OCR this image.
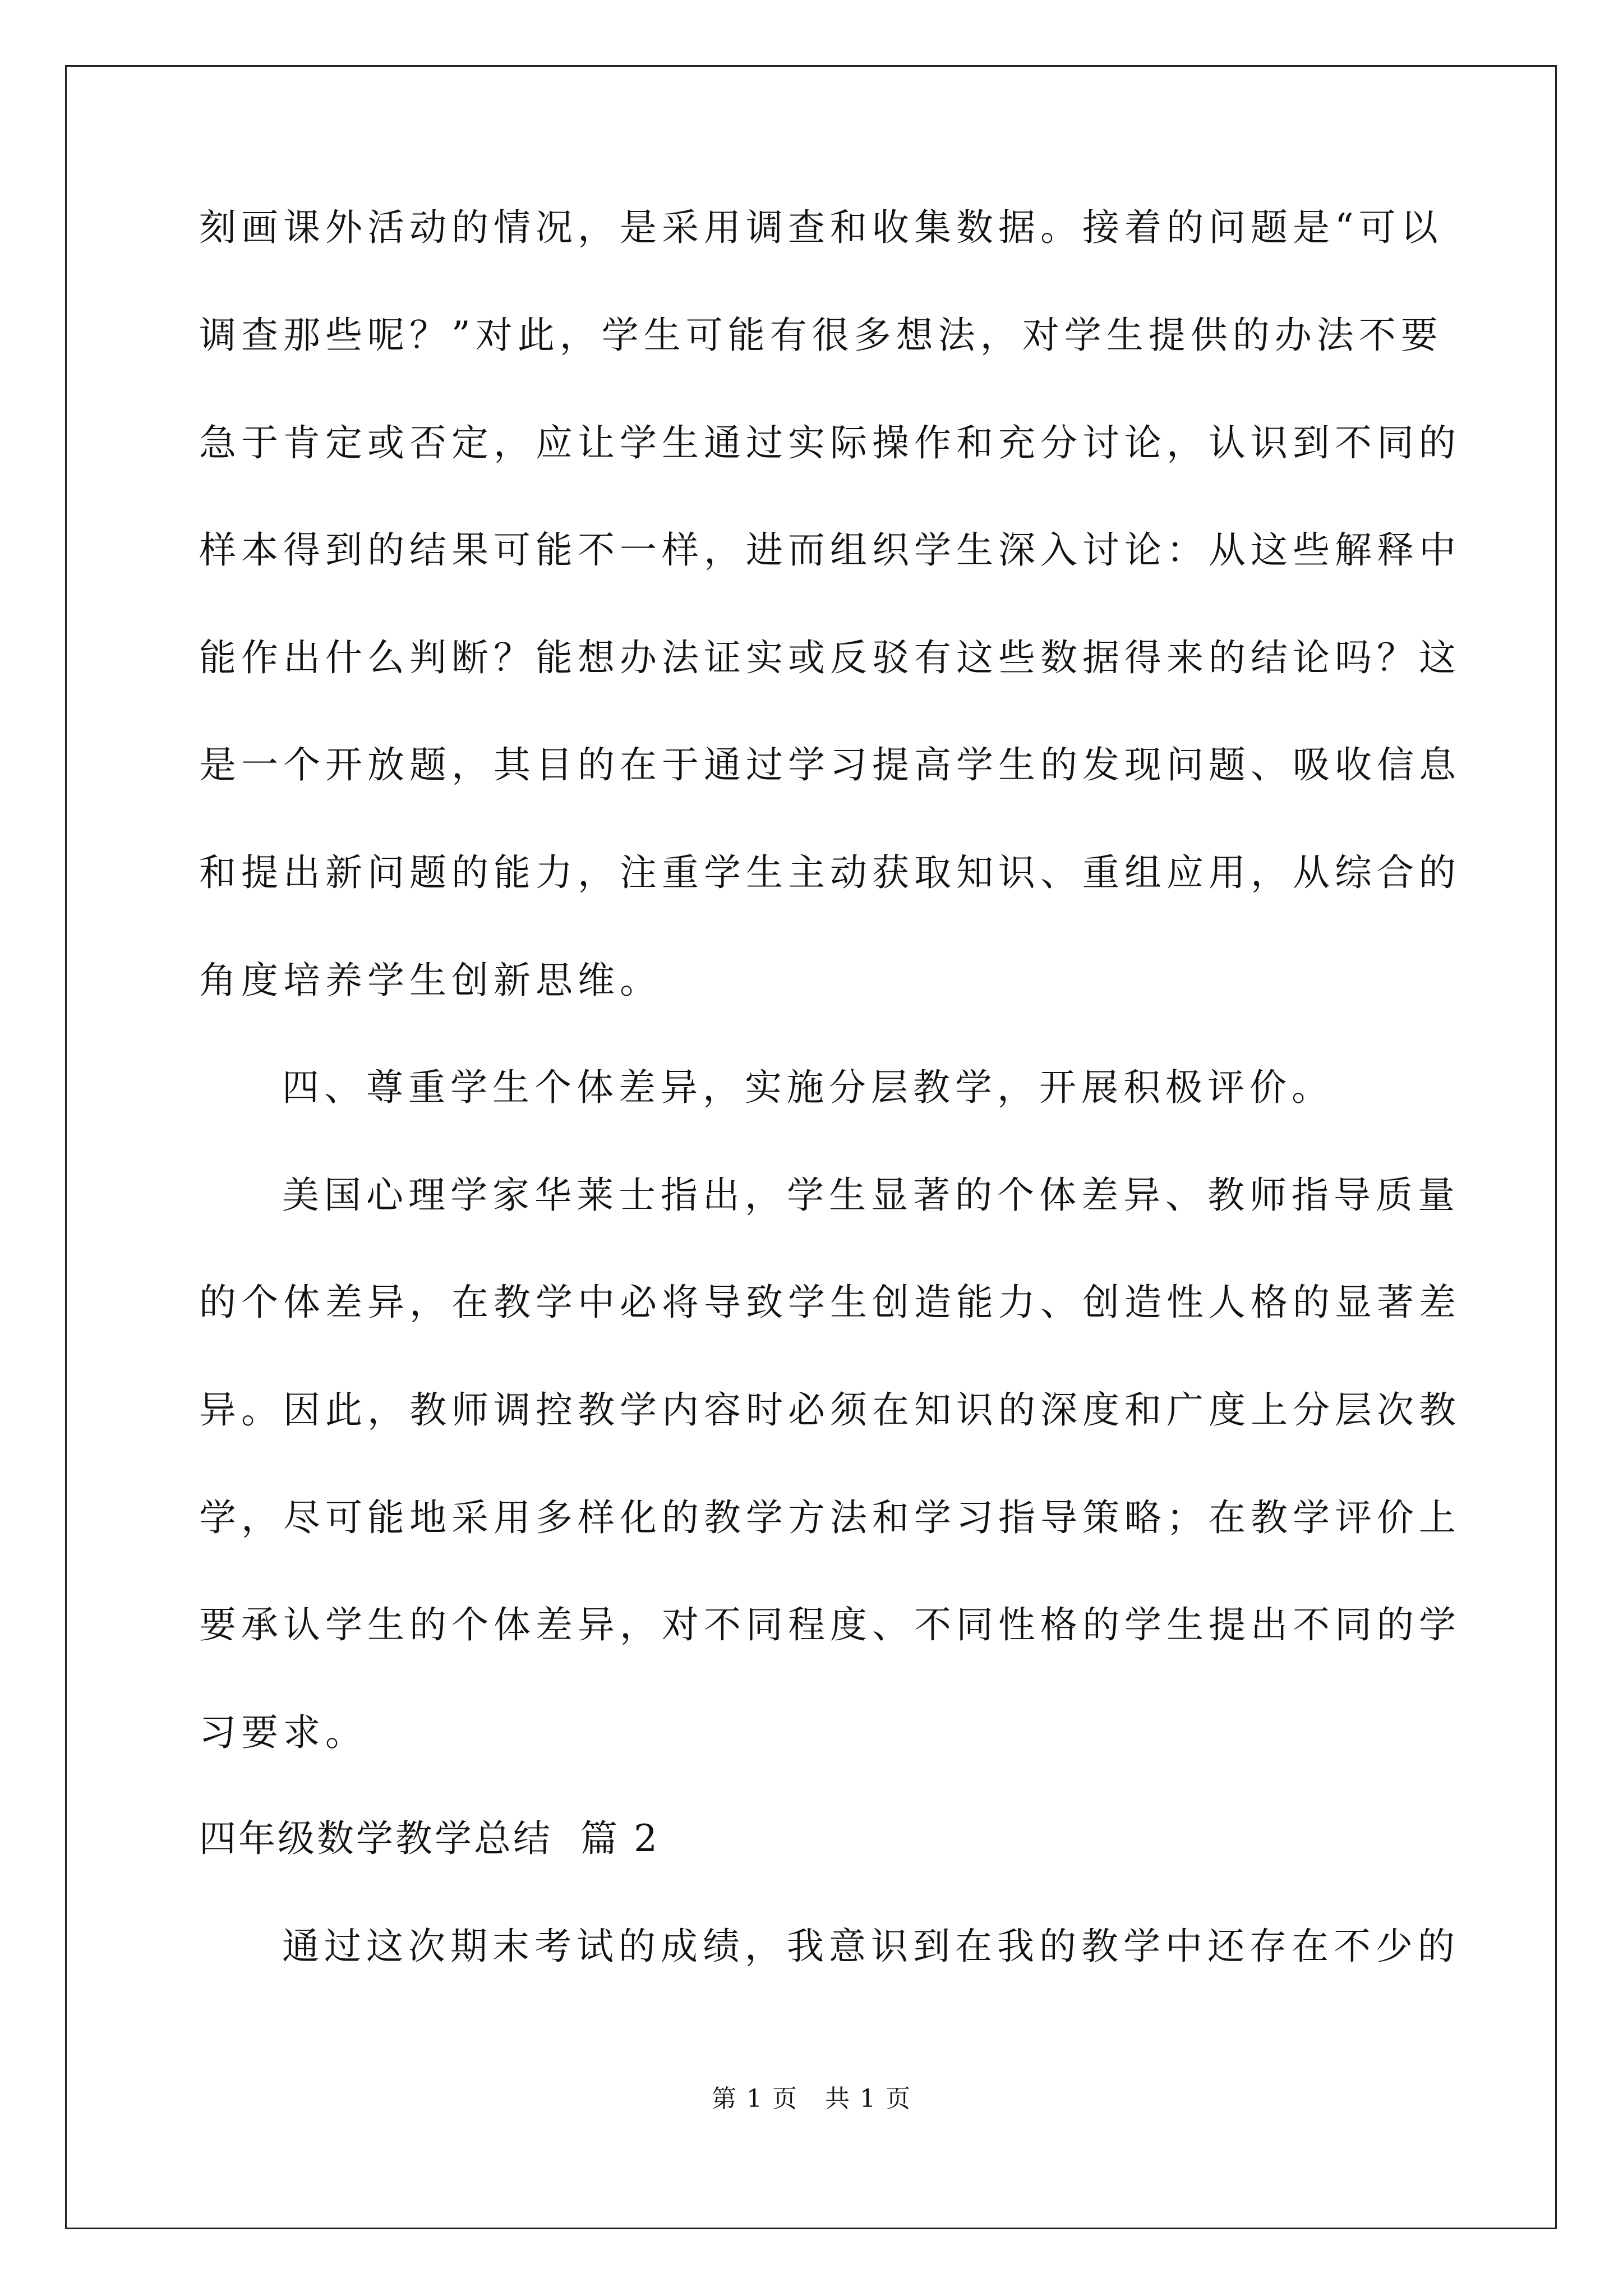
刻画课外活动的情况，是采用调查和收集数据。接着的问题是“可以
调查那些呢？”对此，学生可能有很多想法，对学生提供的办法不要
急于肯定或否定，应让学生通过实际操作和充分讨论，认识到不同的
样本得到的结果可能不一样，进而组织学生深入讨论：从这些解释中
能作出什么判断？能想办法证实或反驳有这些数据得来的结论吗？这
是一个开放题，其目的在于通过学习提高学生的发现问题、吸收信息
和提出新问题的能力，注重学生主动获取知识、重组应用，从综合的
角度培养学生创新思维。
四、尊重学生个体差异，实施分层教学，开展积极评价。
美国心理学家华莱士指出，学生显著的个体差异、教师指导质量
的个体差异，在教学中必将导致学生创造能力、创造性人格的显著差
异。因此，教师调控教学内容时必须在知识的深度和广度上分层次教
学，尽可能地采用多样化的教学方法和学习指导策略；在教学评价上
要承认学生的个体差异，对不同程度、不同性格的学生提出不同的学
习要求。
四年级数学教学总结  篇 2
通过这次期末考试的成绩，我意识到在我的教学中还存在不少的
第 1 页   共 1 页
